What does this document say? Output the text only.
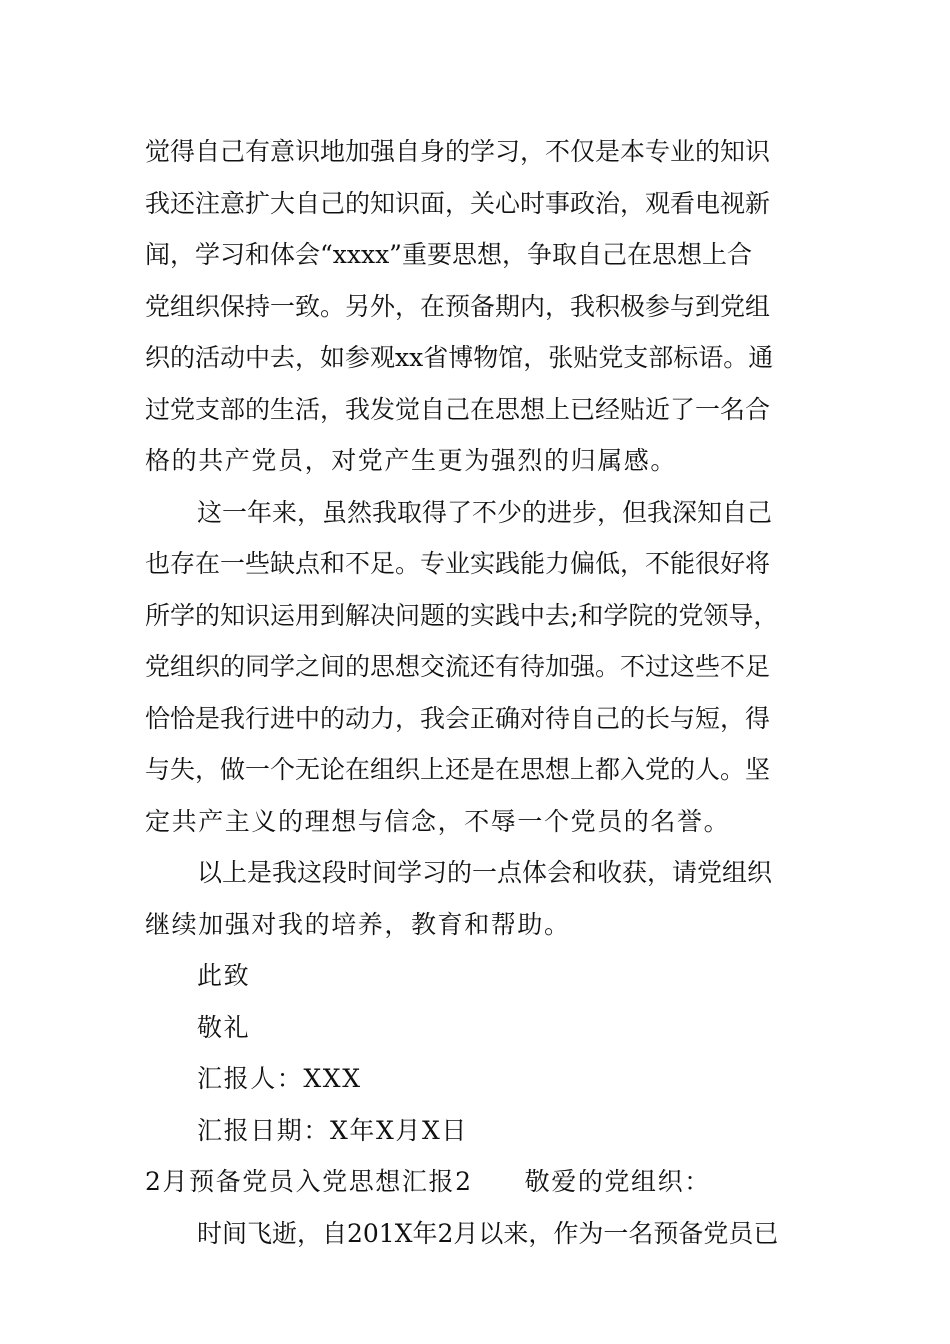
觉得自己有意识地加强自身的学习，不仅是本专业的知识
我还注意扩大自己的知识面，关心时事政治，观看电视新
闻，学习和体会“xxxx”重要思想，争取自己在思想上合
党组织保持一致。另外，在预备期内，我积极参与到党组
织的活动中去，如参观xx省博物馆，张贴党支部标语。通
过党支部的生活，我发觉自己在思想上已经贴近了一名合
格的共产党员，对党产生更为强烈的归属感。
这一年来，虽然我取得了不少的进步，但我深知自己
也存在一些缺点和不足。专业实践能力偏低，不能很好将
所学的知识运用到解决问题的实践中去;和学院的党领导，
党组织的同学之间的思想交流还有待加强。不过这些不足
恰恰是我行进中的动力，我会正确对待自己的长与短，得
与失，做一个无论在组织上还是在思想上都入党的人。坚
定共产主义的理想与信念，不辱一个党员的名誉。
以上是我这段时间学习的一点体会和收获，请党组织
继续加强对我的培养，教育和帮助。
此致
敬礼
汇报人：XXX
汇报日期：X年X月X日
2月预备党员入党思想汇报2 敬爱的党组织：
时间飞逝，自201X年2月以来，作为一名预备党员已
